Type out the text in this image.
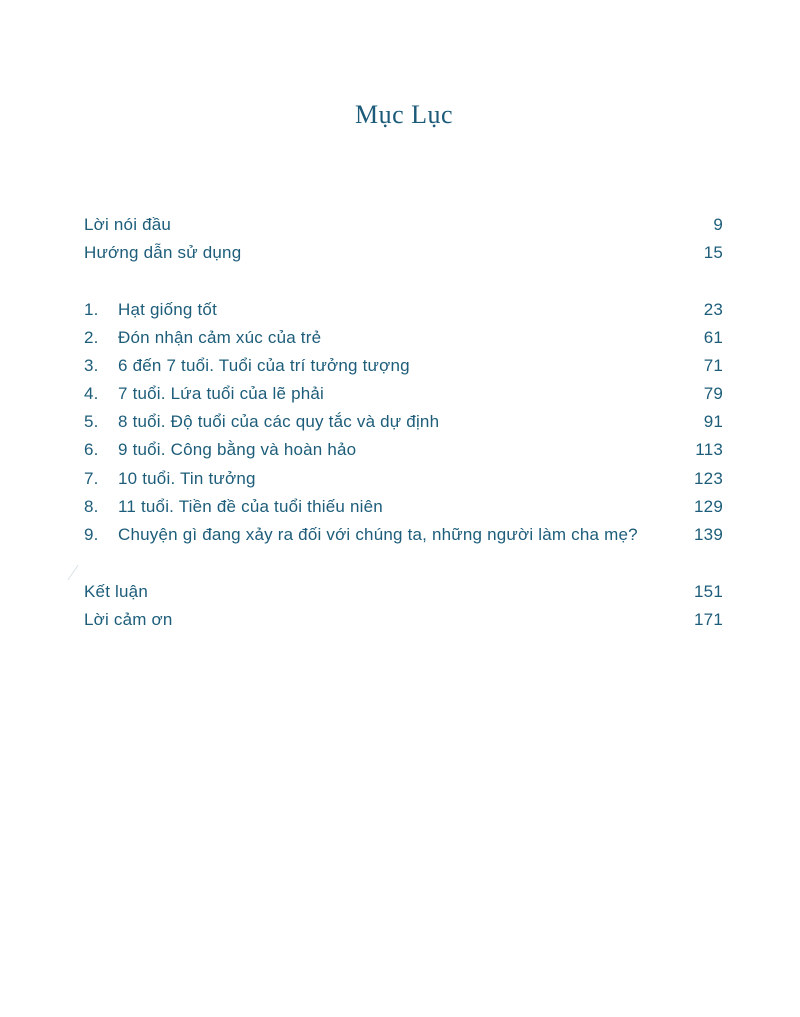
Mục Lục
Lời nói đầu	9
Hướng dẫn sử dụng	15
1.	Hạt giống tốt	23
2.	Đón nhận cảm xúc của trẻ	61
3.	6 đến 7 tuổi. Tuổi của trí tưởng tượng	71
4.	7 tuổi. Lứa tuổi của lẽ phải	79
5.	8 tuổi. Độ tuổi của các quy tắc và dự định	91
6.	9 tuổi. Công bằng và hoàn hảo	113
7.	10 tuổi. Tin tưởng	123
8.	11 tuổi. Tiền đề của tuổi thiếu niên	129
9.	Chuyện gì đang xảy ra đối với chúng ta, những người làm cha mẹ?	139
Kết luận	151
Lời cảm ơn	171
